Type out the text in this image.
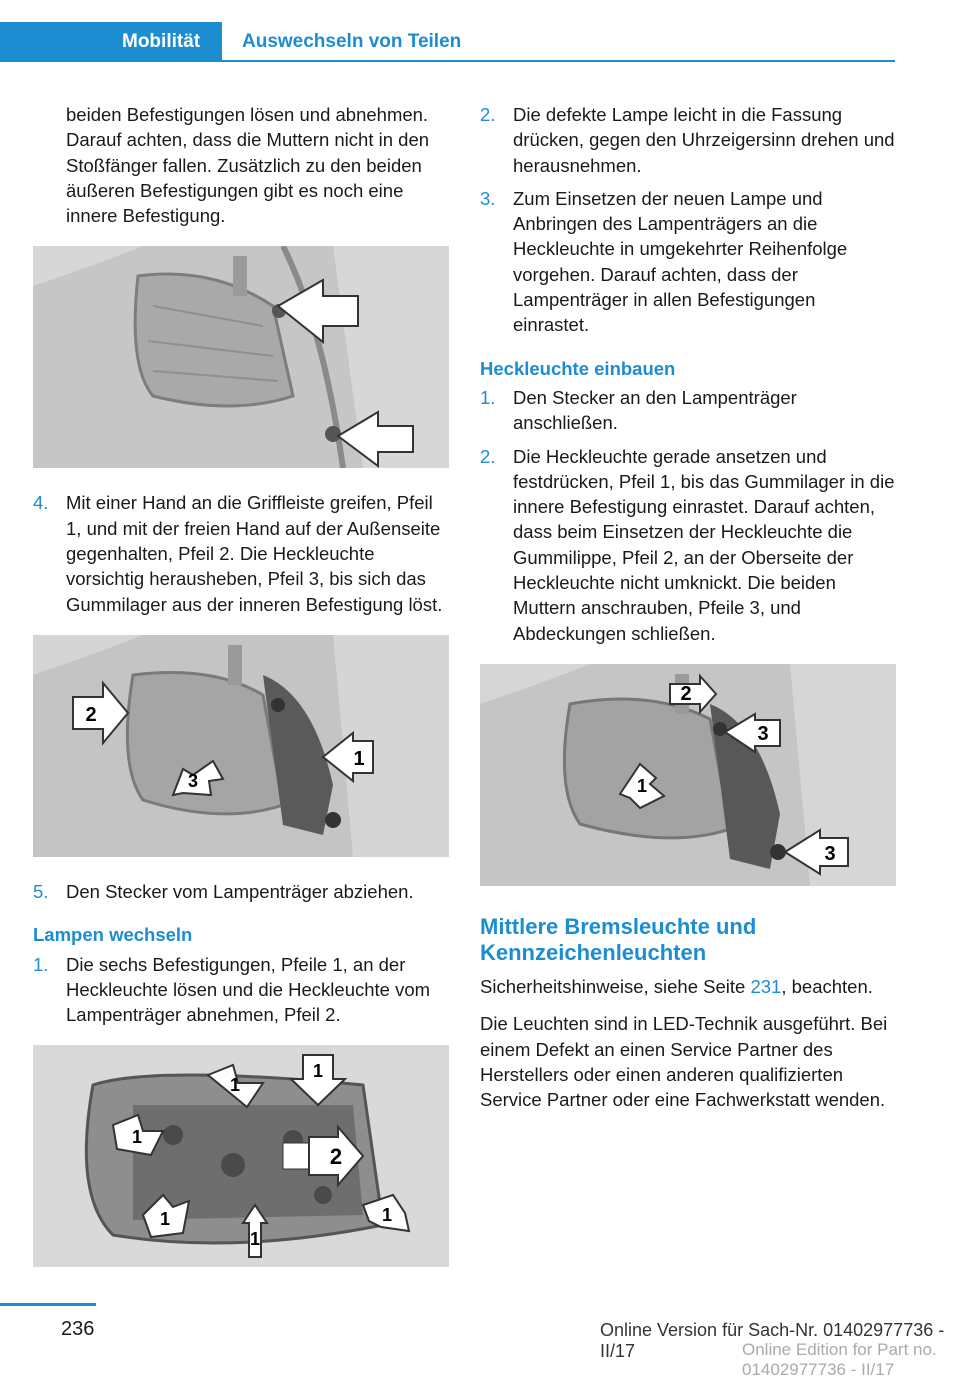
Mobilität Auswechseln von Teilen

beiden Befestigungen lösen und abnehmen. Darauf achten, dass die Muttern nicht in den Stoßfänger fallen. Zusätzlich zu den beiden äußeren Befestigungen gibt es noch eine innere Befestigung.

4. Mit einer Hand an die Griffleiste greifen, Pfeil 1, und mit der freien Hand auf der Außenseite gegenhalten, Pfeil 2. Die Heckleuchte vorsichtig herausheben, Pfeil 3, bis sich das Gummilager aus der inneren Befestigung löst.
2
1
3
5. Den Stecker vom Lampenträger abziehen.
Lampen wechseln
1. Die sechs Befestigungen, Pfeile 1, an der Heckleuchte lösen und die Heckleuchte vom Lampenträger abnehmen, Pfeil 2.
1
1
1
2
1
1
1
2. Die defekte Lampe leicht in die Fassung drücken, gegen den Uhrzeigersinn drehen und herausnehmen.
3. Zum Einsetzen der neuen Lampe und Anbringen des Lampenträgers an die Heckleuchte in umgekehrter Reihenfolge vorgehen. Darauf achten, dass der Lampenträger in allen Befestigungen einrastet.
Heckleuchte einbauen
1. Den Stecker an den Lampenträger anschließen.
2. Die Heckleuchte gerade ansetzen und festdrücken, Pfeil 1, bis das Gummilager in die innere Befestigung einrastet. Darauf achten, dass beim Einsetzen der Heckleuchte die Gummilippe, Pfeil 2, an der Oberseite der Heckleuchte nicht umknickt. Die beiden Muttern anschrauben, Pfeile 3, und Abdeckungen schließen.
2
3
1
3
Mittlere Bremsleuchte und Kennzeichenleuchten

Sicherheitshinweise, siehe Seite 231, beachten.

Die Leuchten sind in LED-Technik ausgeführt. Bei einem Defekt an einen Service Partner des Herstellers oder einen anderen qualifizierten Service Partner oder eine Fachwerkstatt wenden.

236	Online Version für Sach-Nr. 01402977736 - II/17	Online Edition for Part no. 01402977736 - II/17
